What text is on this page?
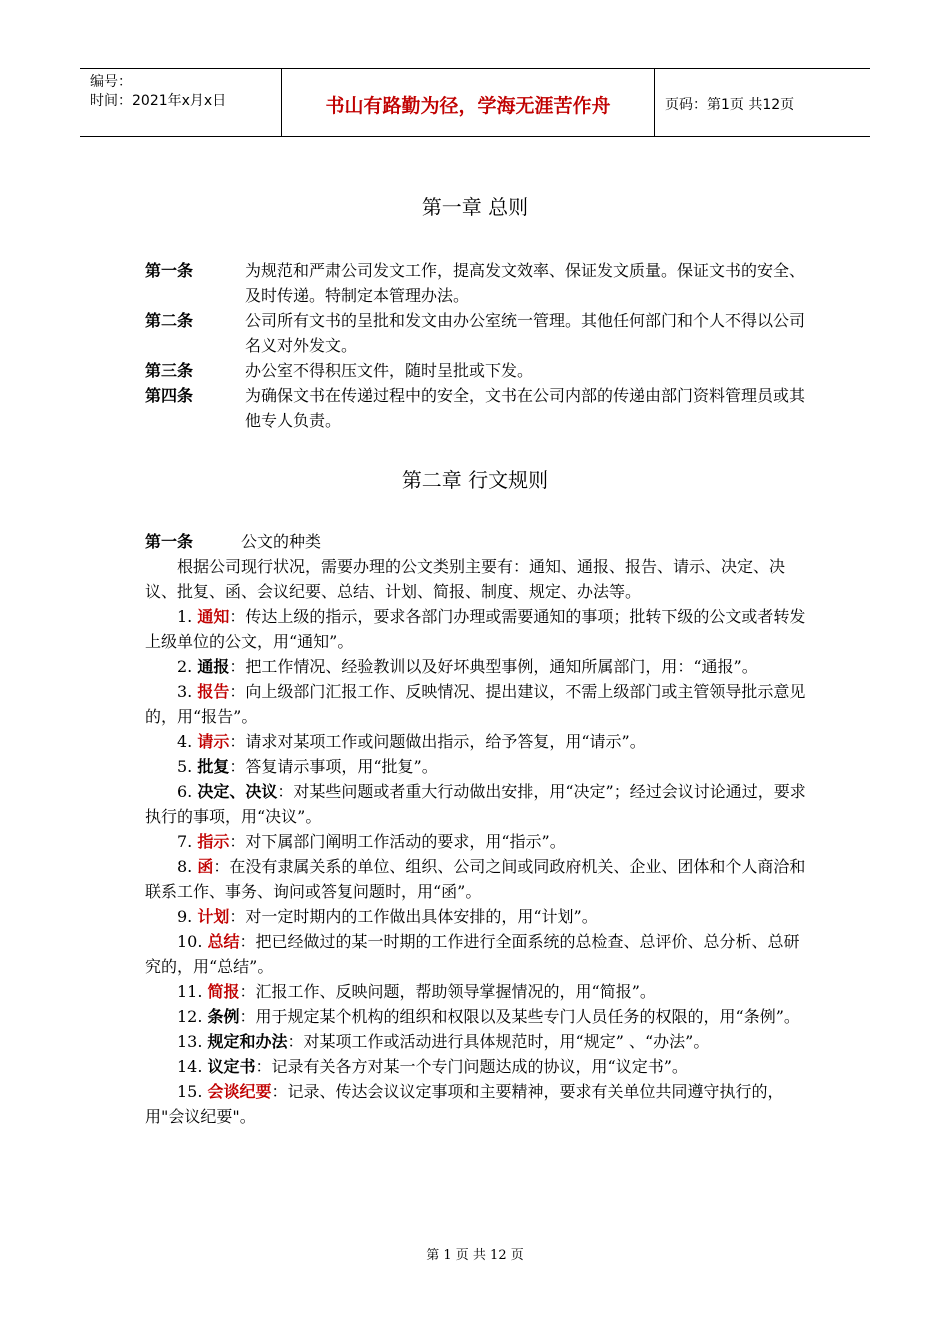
编号：
时间：2021年x月x日	书山有路勤为径，学海无涯苦作舟	页码：第1页 共12页
第一章 总则
第一条	为规范和严肃公司发文工作，提高发文效率、保证发文质量。保证文书的安全、及时传递。特制定本管理办法。
第二条	公司所有文书的呈批和发文由办公室统一管理。其他任何部门和个人不得以公司名义对外发文。
第三条	办公室不得积压文件，随时呈批或下发。
第四条	为确保文书在传递过程中的安全，文书在公司内部的传递由部门资料管理员或其他专人负责。
第二章 行文规则
第一条	公文的种类
根据公司现行状况，需要办理的公文类别主要有：通知、通报、报告、请示、决定、决议、批复、函、会议纪要、总结、计划、简报、制度、规定、办法等。
1. 通知：传达上级的指示，要求各部门办理或需要通知的事项；批转下级的公文或者转发上级单位的公文，用“通知”。
2. 通报：把工作情况、经验教训以及好坏典型事例，通知所属部门，用：“通报”。
3. 报告：向上级部门汇报工作、反映情况、提出建议，不需上级部门或主管领导批示意见的，用“报告”。
4. 请示：请求对某项工作或问题做出指示，给予答复，用“请示”。
5. 批复：答复请示事项，用“批复”。
6. 决定、决议：对某些问题或者重大行动做出安排，用“决定”；经过会议讨论通过，要求执行的事项，用“决议”。
7. 指示：对下属部门阐明工作活动的要求，用“指示”。
8. 函：在没有隶属关系的单位、组织、公司之间或同政府机关、企业、团体和个人商洽和联系工作、事务、询问或答复问题时，用“函”。
9. 计划：对一定时期内的工作做出具体安排的，用“计划”。
10. 总结：把已经做过的某一时期的工作进行全面系统的总检查、总评价、总分析、总研究的，用“总结”。
11. 简报：汇报工作、反映问题，帮助领导掌握情况的，用“简报”。
12. 条例：用于规定某个机构的组织和权限以及某些专门人员任务的权限的，用“条例”。
13. 规定和办法：对某项工作或活动进行具体规范时，用“规定” 、“办法”。
14. 议定书：记录有关各方对某一个专门问题达成的协议，用“议定书”。
15. 会谈纪要：记录、传达会议议定事项和主要精神，要求有关单位共同遵守执行的，用"会议纪要"。
第 1 页 共 12 页
